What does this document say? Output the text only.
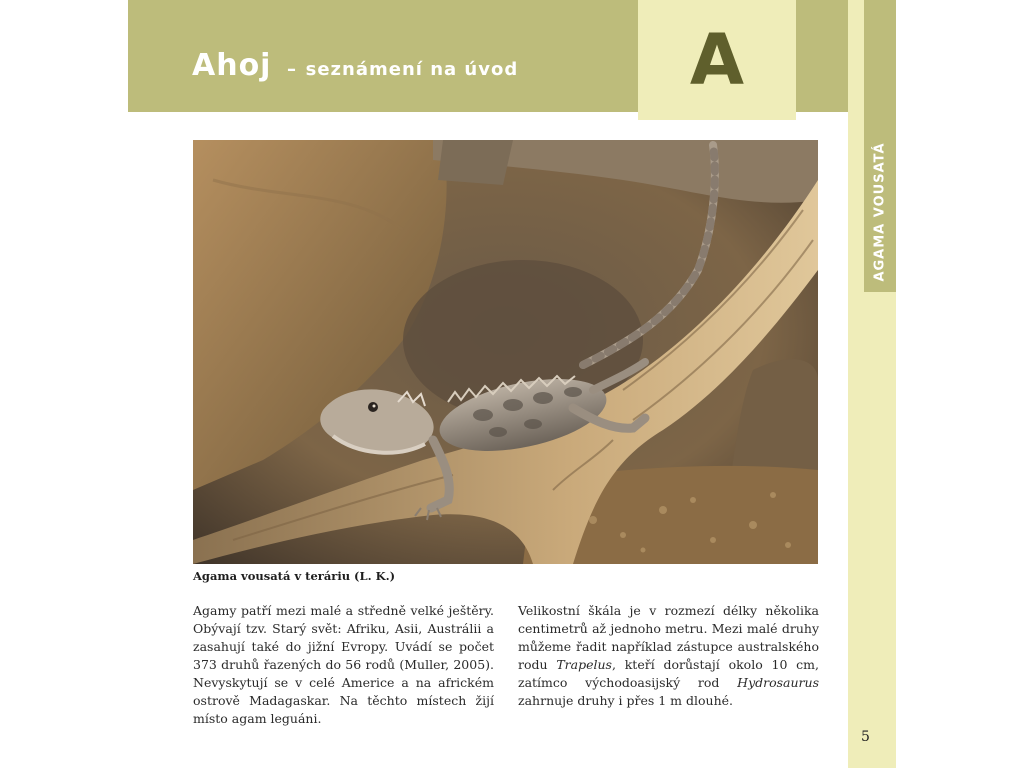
Ahoj – seznámení na úvod A
AGAMA VOUSATÁ
Agama vousatá v teráriu (L. K.)
Agamy patří mezi malé a středně velké ještěry. Obývají tzv. Starý svět: Afriku, Asii, Austrálii a zasahují také do jižní Evropy. Uvádí se počet 373 druhů řazených do 56 rodů (Muller, 2005). Nevyskytují se v celé Americe a na africkém ostrově Madagaskar. Na těchto místech žijí místo agam leguáni.
Velikostní škála je v rozmezí délky několika centimetrů až jednoho metru. Mezi malé druhy můžeme řadit například zástupce australského rodu Trapelus, kteří dorůstají okolo 10 cm, zatímco východoasijský rod Hydrosaurus zahrnuje druhy i přes 1 m dlouhé.
5
